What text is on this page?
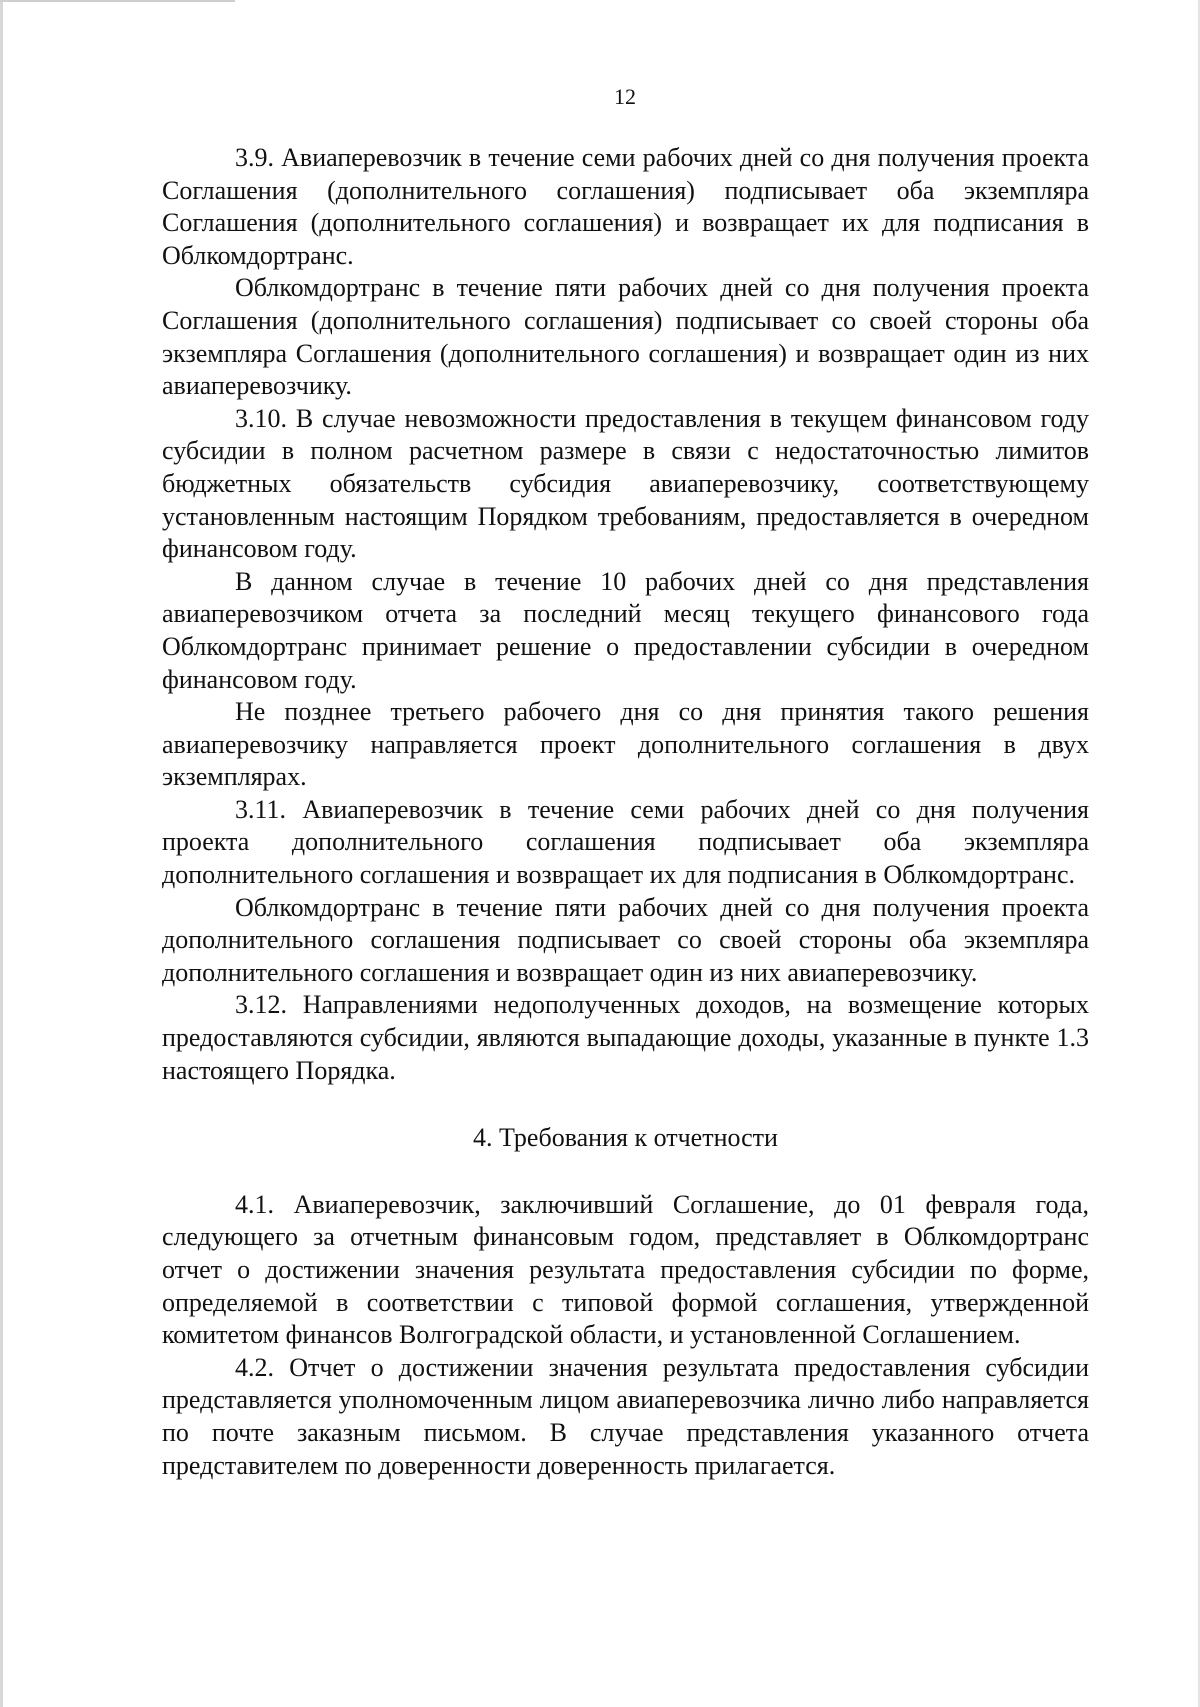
12

3.9. Авиаперевозчик в течение семи рабочих дней со дня получения проекта Соглашения (дополнительного соглашения) подписывает оба экземпляра Соглашения (дополнительного соглашения) и возвращает их для подписания в Облкомдортранс.

Облкомдортранс в течение пяти рабочих дней со дня получения проекта Соглашения (дополнительного соглашения) подписывает со своей стороны оба экземпляра Соглашения (дополнительного соглашения) и возвращает один из них авиаперевозчику.

3.10. В случае невозможности предоставления в текущем финансовом году субсидии в полном расчетном размере в связи с недостаточностью лимитов бюджетных обязательств субсидия авиаперевозчику, соответствующему установленным настоящим Порядком требованиям, предоставляется в очередном финансовом году.

В данном случае в течение 10 рабочих дней со дня представления авиаперевозчиком отчета за последний месяц текущего финансового года Облкомдортранс принимает решение о предоставлении субсидии в очередном финансовом году.

Не позднее третьего рабочего дня со дня принятия такого решения авиаперевозчику направляется проект дополнительного соглашения в двух экземплярах.

3.11. Авиаперевозчик в течение семи рабочих дней со дня получения проекта дополнительного соглашения подписывает оба экземпляра дополнительного соглашения и возвращает их для подписания в Облкомдортранс.

Облкомдортранс в течение пяти рабочих дней со дня получения проекта дополнительного соглашения подписывает со своей стороны оба экземпляра дополнительного соглашения и возвращает один из них авиаперевозчику.

3.12. Направлениями недополученных доходов, на возмещение которых предоставляются субсидии, являются выпадающие доходы, указанные в пункте 1.3 настоящего Порядка.

4. Требования к отчетности

4.1. Авиаперевозчик, заключивший Соглашение, до 01 февраля года, следующего за отчетным финансовым годом, представляет в Облкомдортранс отчет о достижении значения результата предоставления субсидии по форме, определяемой в соответствии с типовой формой соглашения, утвержденной комитетом финансов Волгоградской области, и установленной Соглашением.

4.2. Отчет о достижении значения результата предоставления субсидии представляется уполномоченным лицом авиаперевозчика лично либо направляется по почте заказным письмом. В случае представления указанного отчета представителем по доверенности доверенность прилагается.
